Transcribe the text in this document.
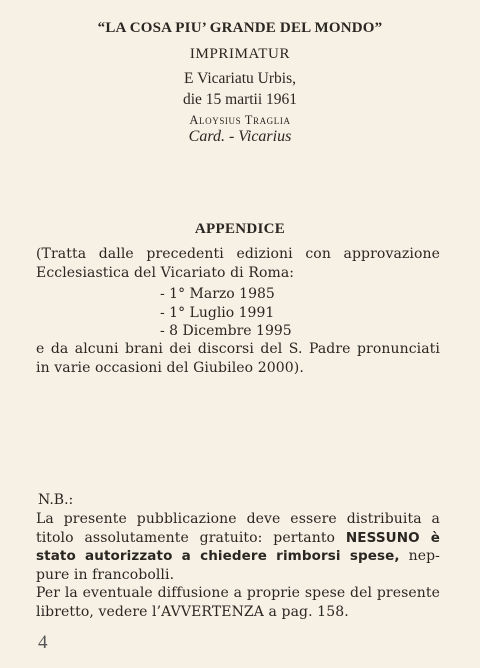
“LA COSA PIU’ GRANDE DEL MONDO”
IMPRIMATUR
E Vicariatu Urbis,
die 15 martii 1961
Aloysius Traglia
Card. - Vicarius
APPENDICE
(Tratta dalle precedenti edizioni con approvazione Ecclesiastica del Vicariato di Roma:
- 1° Marzo 1985
- 1° Luglio 1991
- 8 Dicembre 1995
e da alcuni brani dei discorsi del S. Padre pronunciati in varie occasioni del Giubileo 2000).
N.B.:
La presente pubblicazione deve essere distribuita a titolo assolutamente gratuito: pertanto NESSUNO è stato autorizzato a chiedere rimborsi spese, nep-pure in francobolli.
Per la eventuale diffusione a proprie spese del presente libretto, vedere l’AVVERTENZA a pag. 158.
4
